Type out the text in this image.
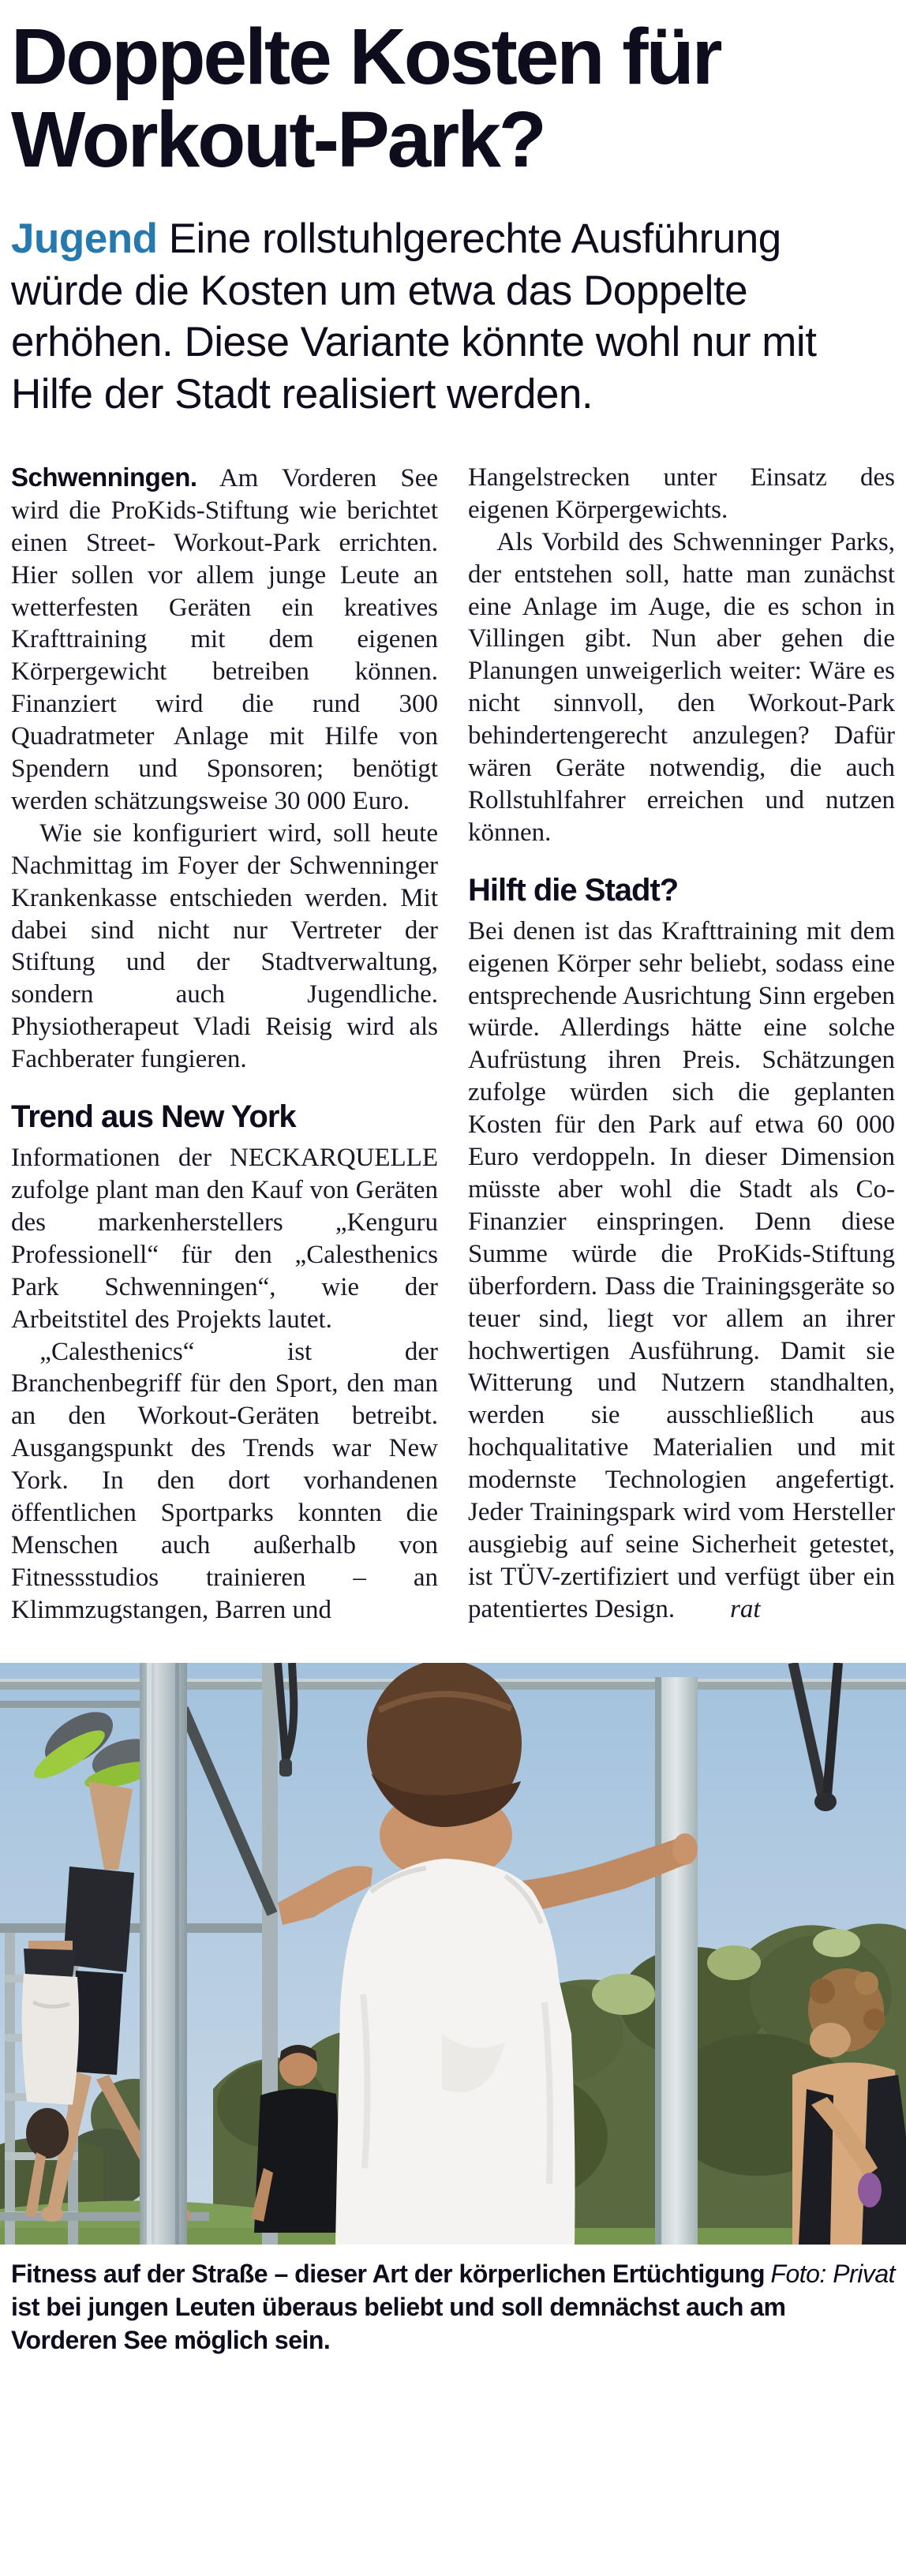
Doppelte Kosten für Workout-Park?

Jugend Eine rollstuhlgerechte Ausführung würde die Kosten um etwa das Doppelte erhöhen. Diese Variante könnte wohl nur mit Hilfe der Stadt realisiert werden.

Schwenningen. Am Vorderen See wird die ProKids-Stiftung wie berichtet einen Street- Workout-Park errichten. Hier sollen vor allem junge Leute an wetterfesten Geräten ein kreatives Krafttraining mit dem eigenen Körpergewicht betreiben können. Finanziert wird die rund 300 Quadratmeter Anlage mit Hilfe von Spendern und Sponsoren; benötigt werden schätzungsweise 30 000 Euro.

Wie sie konfiguriert wird, soll heute Nachmittag im Foyer der Schwenninger Krankenkasse entschieden werden. Mit dabei sind nicht nur Vertreter der Stiftung und der Stadtverwaltung, sondern auch Jugendliche. Physiotherapeut Vladi Reisig wird als Fachberater fungieren.

Trend aus New York

Informationen der NECKARQUELLE zufolge plant man den Kauf von Geräten des markenherstellers „Kenguru Professionell“ für den „Calesthenics Park Schwenningen“, wie der Arbeitstitel des Projekts lautet.

„Calesthenics“ ist der Branchenbegriff für den Sport, den man an den Workout-Geräten betreibt. Ausgangspunkt des Trends war New York. In den dort vorhandenen öffentlichen Sportparks konnten die Menschen auch außerhalb von Fitnessstudios trainieren – an Klimmzugstangen, Barren und

Hangelstrecken unter Einsatz des eigenen Körpergewichts.

Als Vorbild des Schwenninger Parks, der entstehen soll, hatte man zunächst eine Anlage im Auge, die es schon in Villingen gibt. Nun aber gehen die Planungen unweigerlich weiter: Wäre es nicht sinnvoll, den Workout-Park behindertengerecht anzulegen? Dafür wären Geräte notwendig, die auch Rollstuhlfahrer erreichen und nutzen können.

Hilft die Stadt?

Bei denen ist das Krafttraining mit dem eigenen Körper sehr beliebt, sodass eine entsprechende Ausrichtung Sinn ergeben würde. Allerdings hätte eine solche Aufrüstung ihren Preis. Schätzungen zufolge würden sich die geplanten Kosten für den Park auf etwa 60 000 Euro verdoppeln. In dieser Dimension müsste aber wohl die Stadt als Co-Finanzier einspringen. Denn diese Summe würde die ProKids-Stiftung überfordern. Dass die Trainingsgeräte so teuer sind, liegt vor allem an ihrer hochwertigen Ausführung. Damit sie Witterung und Nutzern standhalten, werden sie ausschließlich aus hochqualitative Materialien und mit modernste Technologien angefertigt. Jeder Trainingspark wird vom Hersteller ausgiebig auf seine Sicherheit getestet, ist TÜV-zertifiziert und verfügt über ein patentiertes Design. rat

Foto: Privat
Fitness auf der Straße – dieser Art der körperlichen Ertüchtigung ist bei jungen Leuten überaus beliebt und soll demnächst auch am Vorderen See möglich sein.
